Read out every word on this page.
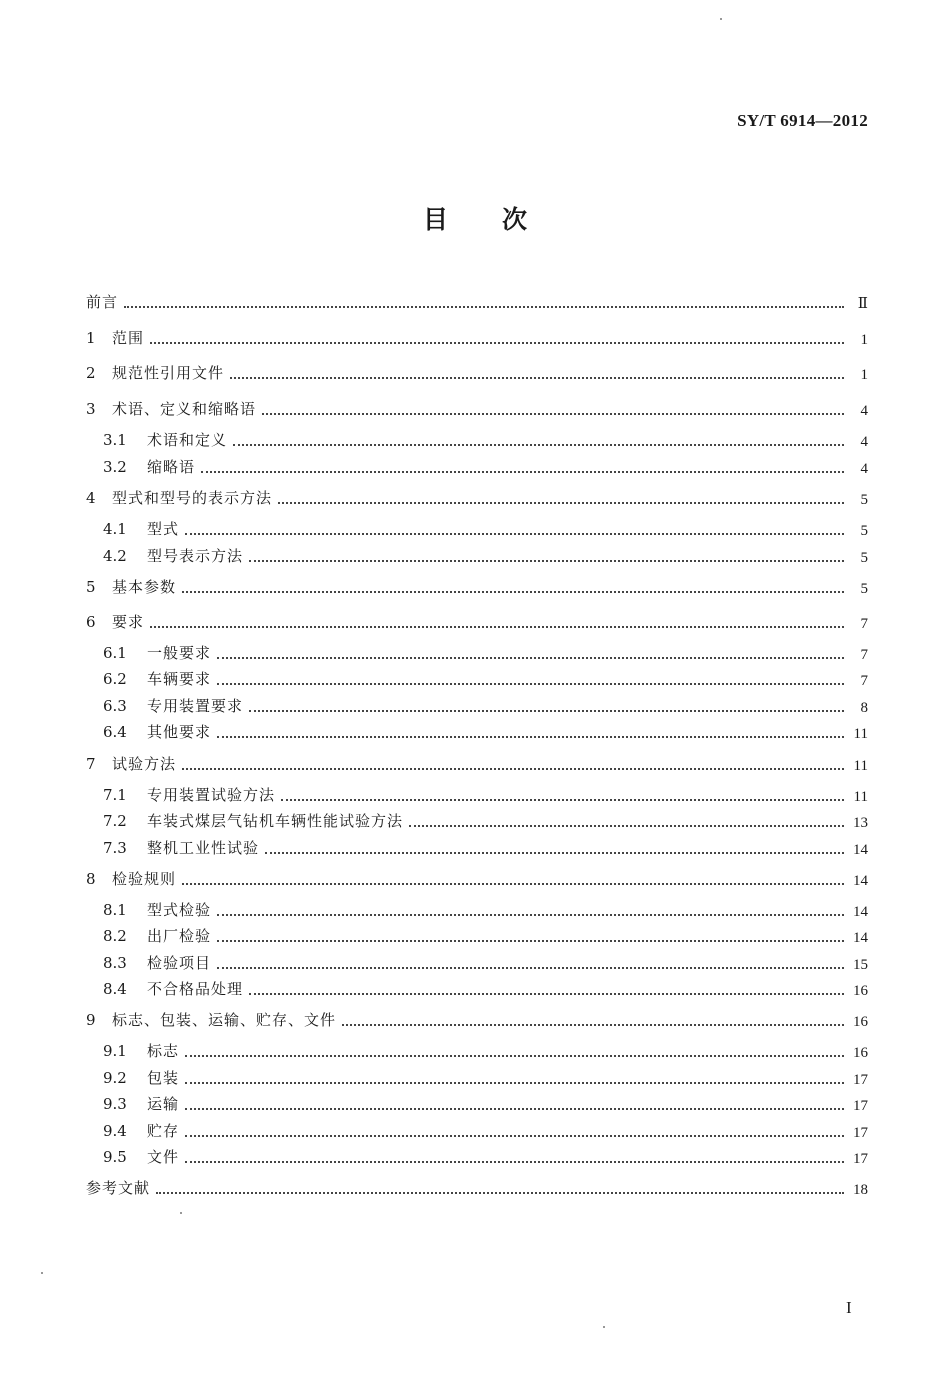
SY/T 6914—2012
目次
前言	Ⅱ
1	范围	1
2	规范性引用文件	1
3	术语、定义和缩略语	4
3.1	术语和定义	4
3.2	缩略语	4
4	型式和型号的表示方法	5
4.1	型式	5
4.2	型号表示方法	5
5	基本参数	5
6	要求	7
6.1	一般要求	7
6.2	车辆要求	7
6.3	专用装置要求	8
6.4	其他要求	11
7	试验方法	11
7.1	专用装置试验方法	11
7.2	车装式煤层气钻机车辆性能试验方法	13
7.3	整机工业性试验	14
8	检验规则	14
8.1	型式检验	14
8.2	出厂检验	14
8.3	检验项目	15
8.4	不合格品处理	16
9	标志、包装、运输、贮存、文件	16
9.1	标志	16
9.2	包装	17
9.3	运输	17
9.4	贮存	17
9.5	文件	17
参考文献	18
I
